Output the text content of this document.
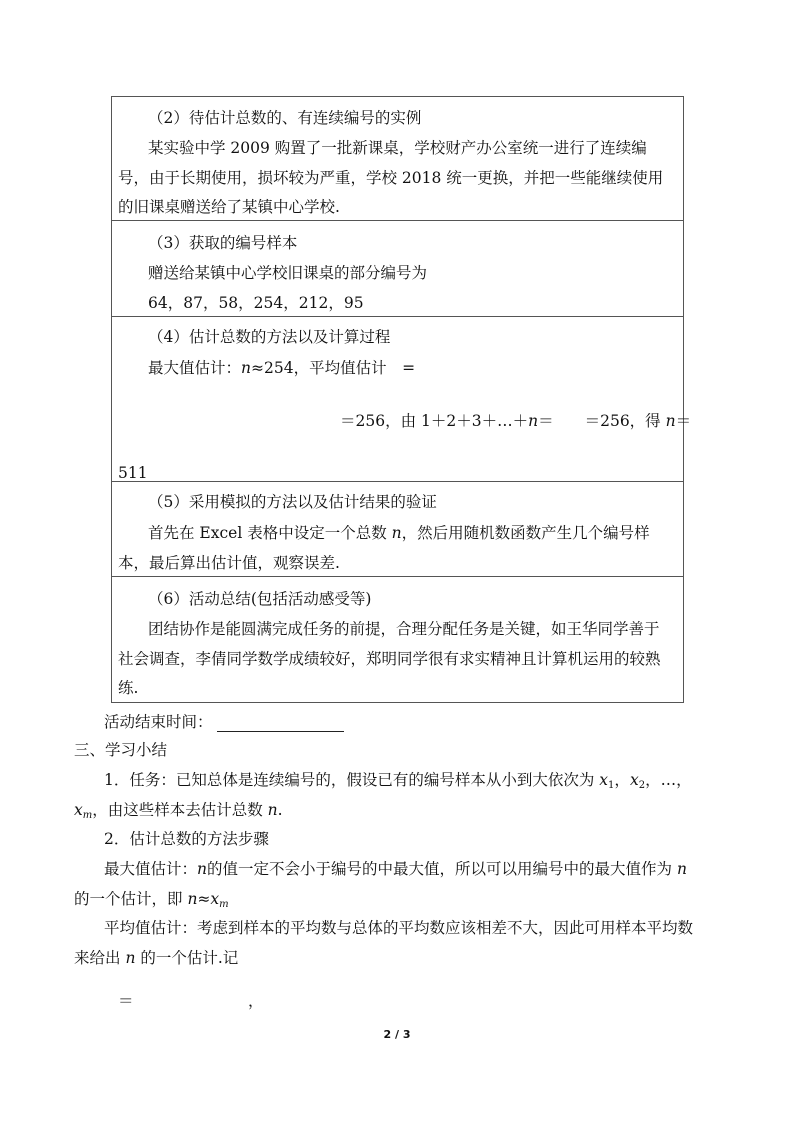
（2）待估计总数的、有连续编号的实例
某实验中学 2009 购置了一批新课桌，学校财产办公室统一进行了连续编
号，由于长期使用，损坏较为严重，学校 2018 统一更换，并把一些能继续使用
的旧课桌赠送给了某镇中心学校.
（3）获取的编号样本
赠送给某镇中心学校旧课桌的部分编号为
64，87，58，254，212，95
（4）估计总数的方法以及计算过程
最大值估计：n≈254，平均值估计　=
＝256，由 1＋2＋3＋…＋n＝　　＝256，得 n＝
511
（5）采用模拟的方法以及估计结果的验证
首先在 Excel 表格中设定一个总数 n，然后用随机数函数产生几个编号样
本，最后算出估计值，观察误差.
（6）活动总结(包括活动感受等)
团结协作是能圆满完成任务的前提，合理分配任务是关键，如王华同学善于
社会调查，李倩同学数学成绩较好，郑明同学很有求实精神且计算机运用的较熟
练.
活动结束时间：
三、学习小结
1．任务：已知总体是连续编号的，假设已有的编号样本从小到大依次为 $x_1$，$x_2$，…，
$x_m$，由这些样本去估计总数 n.
2．估计总数的方法步骤
最大值估计：n的值一定不会小于编号的中最大值，所以可以用编号中的最大值作为 n
的一个估计，即 $n\approx x_m$
平均值估计：考虑到样本的平均数与总体的平均数应该相差不大，因此可用样本平均数
来给出 n 的一个估计.记
＝	，
2 / 3
